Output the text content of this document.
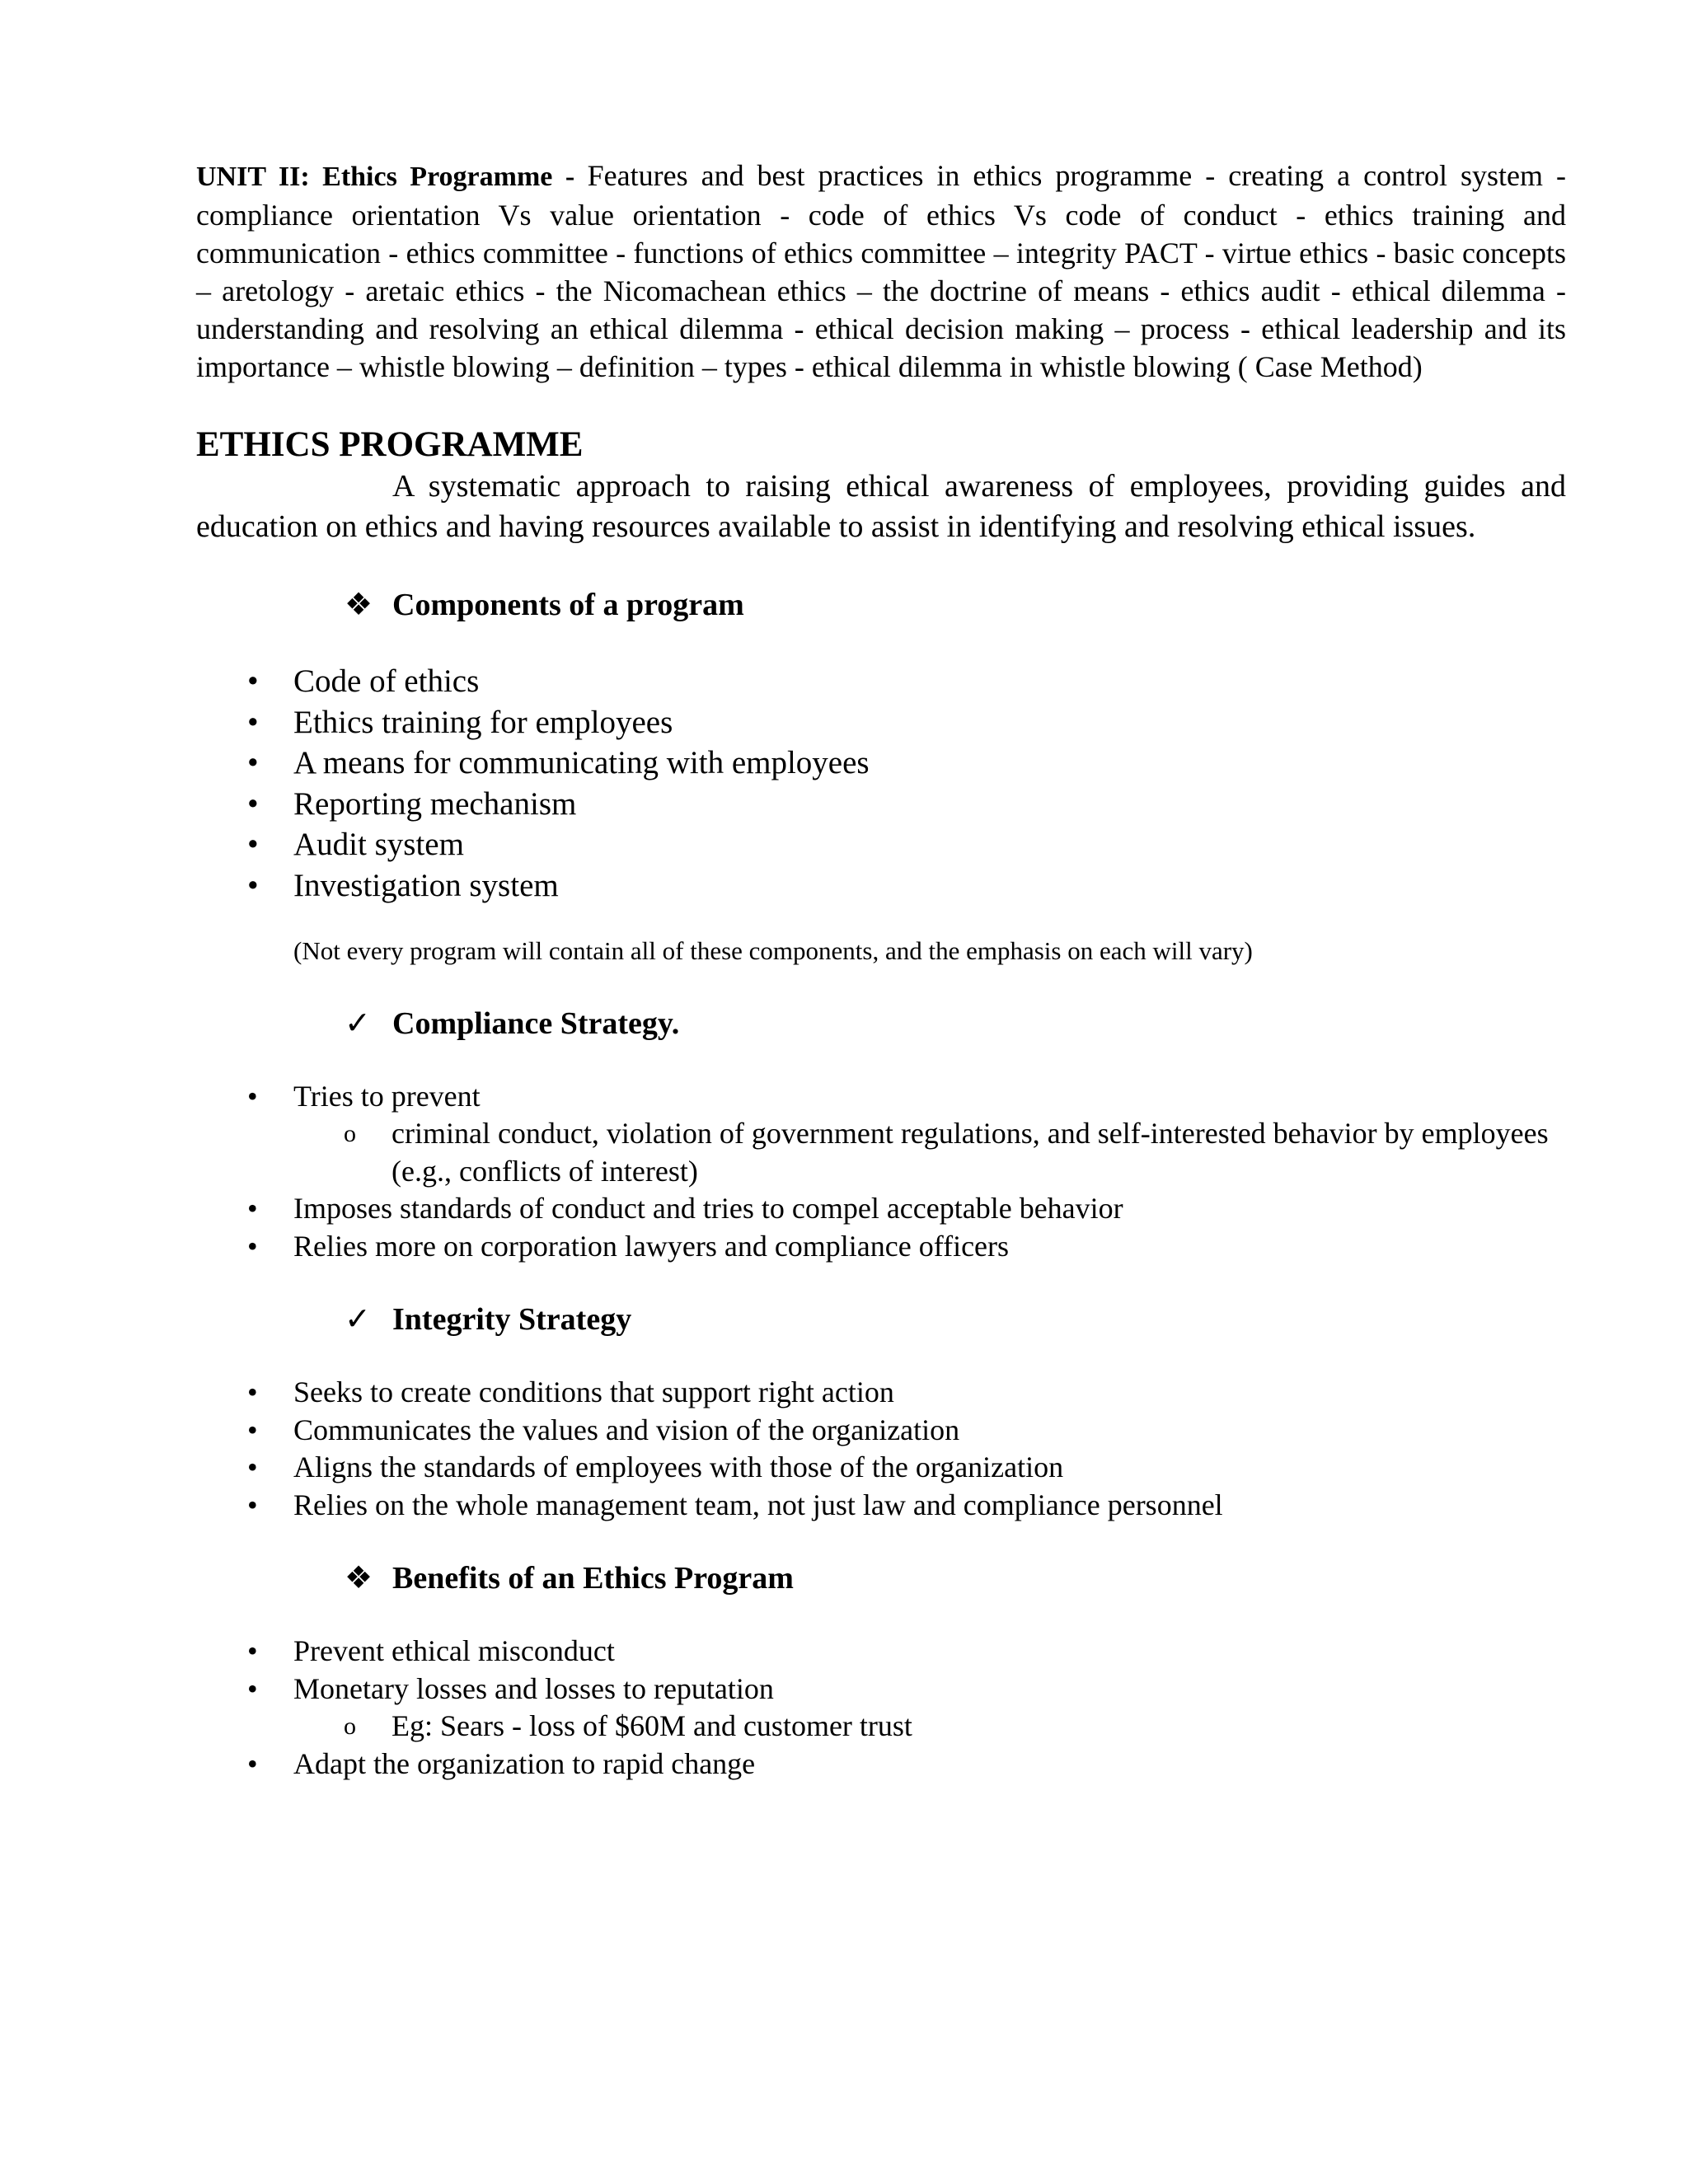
UNIT II: Ethics Programme - Features and best practices in ethics programme - creating a control system - compliance orientation Vs value orientation - code of ethics Vs code of conduct - ethics training and communication - ethics committee - functions of ethics committee – integrity PACT - virtue ethics - basic concepts – aretology - aretaic ethics - the Nicomachean ethics – the doctrine of means - ethics audit - ethical dilemma - understanding and resolving an ethical dilemma - ethical decision making – process - ethical leadership and its importance – whistle blowing – definition – types - ethical dilemma in whistle blowing ( Case Method)

ETHICS PROGRAMME

A systematic approach to raising ethical awareness of employees, providing guides and education on ethics and having resources available to assist in identifying and resolving ethical issues.

❖ Components of a program
• Code of ethics
• Ethics training for employees
• A means for communicating with employees
• Reporting mechanism
• Audit system
• Investigation system

(Not every program will contain all of these components, and the emphasis on each will vary)

✓ Compliance Strategy.
• Tries to prevent
o criminal conduct, violation of government regulations, and self-interested behavior by employees (e.g., conflicts of interest)
• Imposes standards of conduct and tries to compel acceptable behavior
• Relies more on corporation lawyers and compliance officers
✓ Integrity Strategy
• Seeks to create conditions that support right action
• Communicates the values and vision of the organization
• Aligns the standards of employees with those of the organization
• Relies on the whole management team, not just law and compliance personnel
❖ Benefits of an Ethics Program
• Prevent ethical misconduct
• Monetary losses and losses to reputation
o Eg: Sears - loss of $60M and customer trust
• Adapt the organization to rapid change
